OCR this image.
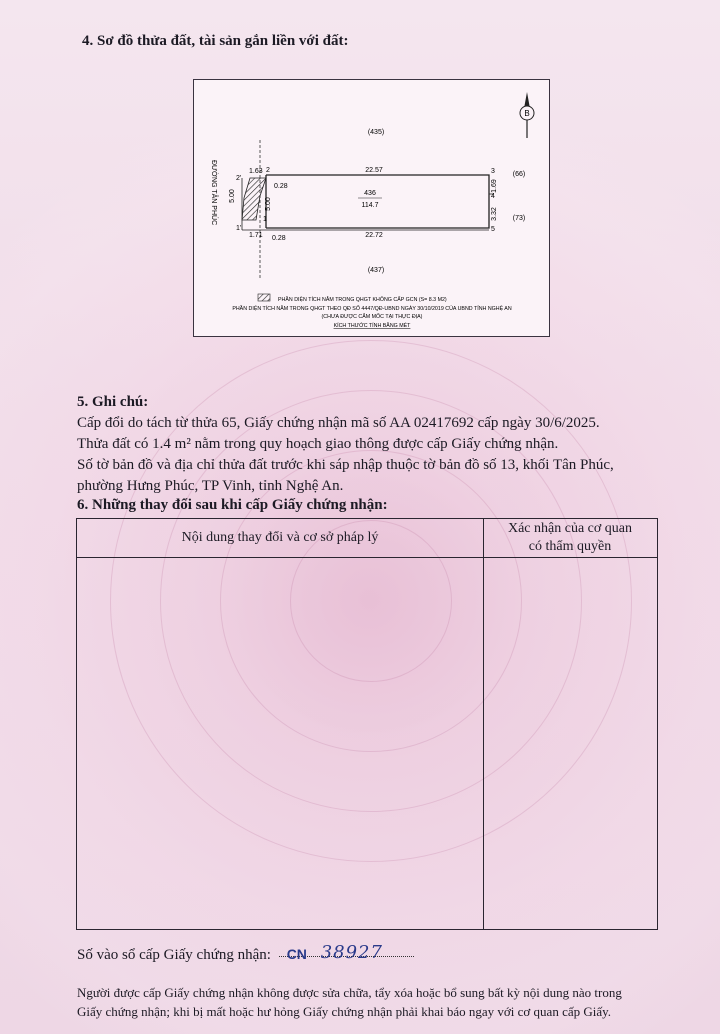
4. Sơ đồ thửa đất, tài sản gắn liền với đất:
B
(435)
(437)
(66)
(73)
ĐƯỜNG TÂN PHÚC	2'
2
1'
1
3
4
5
1.63
1.71
22.57
22.72
0.28
0.28
5.00
5.00
1.69
3.32
436
114.7
PHẦN DIỆN TÍCH NẰM TRONG QHGT KHÔNG CẤP GCN (S= 8.3 M2)
PHẦN DIỆN TÍCH NẰM TRONG QHGT THEO QĐ SỐ 4447/QĐ-UBND NGÀY 30/10/2019 CỦA UBND TỈNH NGHỆ AN
(CHƯA ĐƯỢC CẮM MỐC TẠI THỰC ĐỊA)
KÍCH THƯỚC TÍNH BẰNG MÉT
5. Ghi chú:
Cấp đổi do tách từ thửa 65, Giấy chứng nhận mã số AA 02417692 cấp ngày 30/6/2025.
Thửa đất có 1.4 m² nằm trong quy hoạch giao thông được cấp Giấy chứng nhận.
Số tờ bản đồ và địa chỉ thửa đất trước khi sáp nhập thuộc tờ bản đồ số 13, khối Tân Phúc,
phường Hưng Phúc, TP Vinh, tỉnh Nghệ An.
6. Những thay đổi sau khi cấp Giấy chứng nhận:
Nội dung thay đổi và cơ sở pháp lý
Xác nhận của cơ quan
có thẩm quyền
Số vào sổ cấp Giấy chứng nhận: CN 38927
Người được cấp Giấy chứng nhận không được sửa chữa, tẩy xóa hoặc bổ sung bất kỳ nội dung nào trong
Giấy chứng nhận; khi bị mất hoặc hư hỏng Giấy chứng nhận phải khai báo ngay với cơ quan cấp Giấy.
